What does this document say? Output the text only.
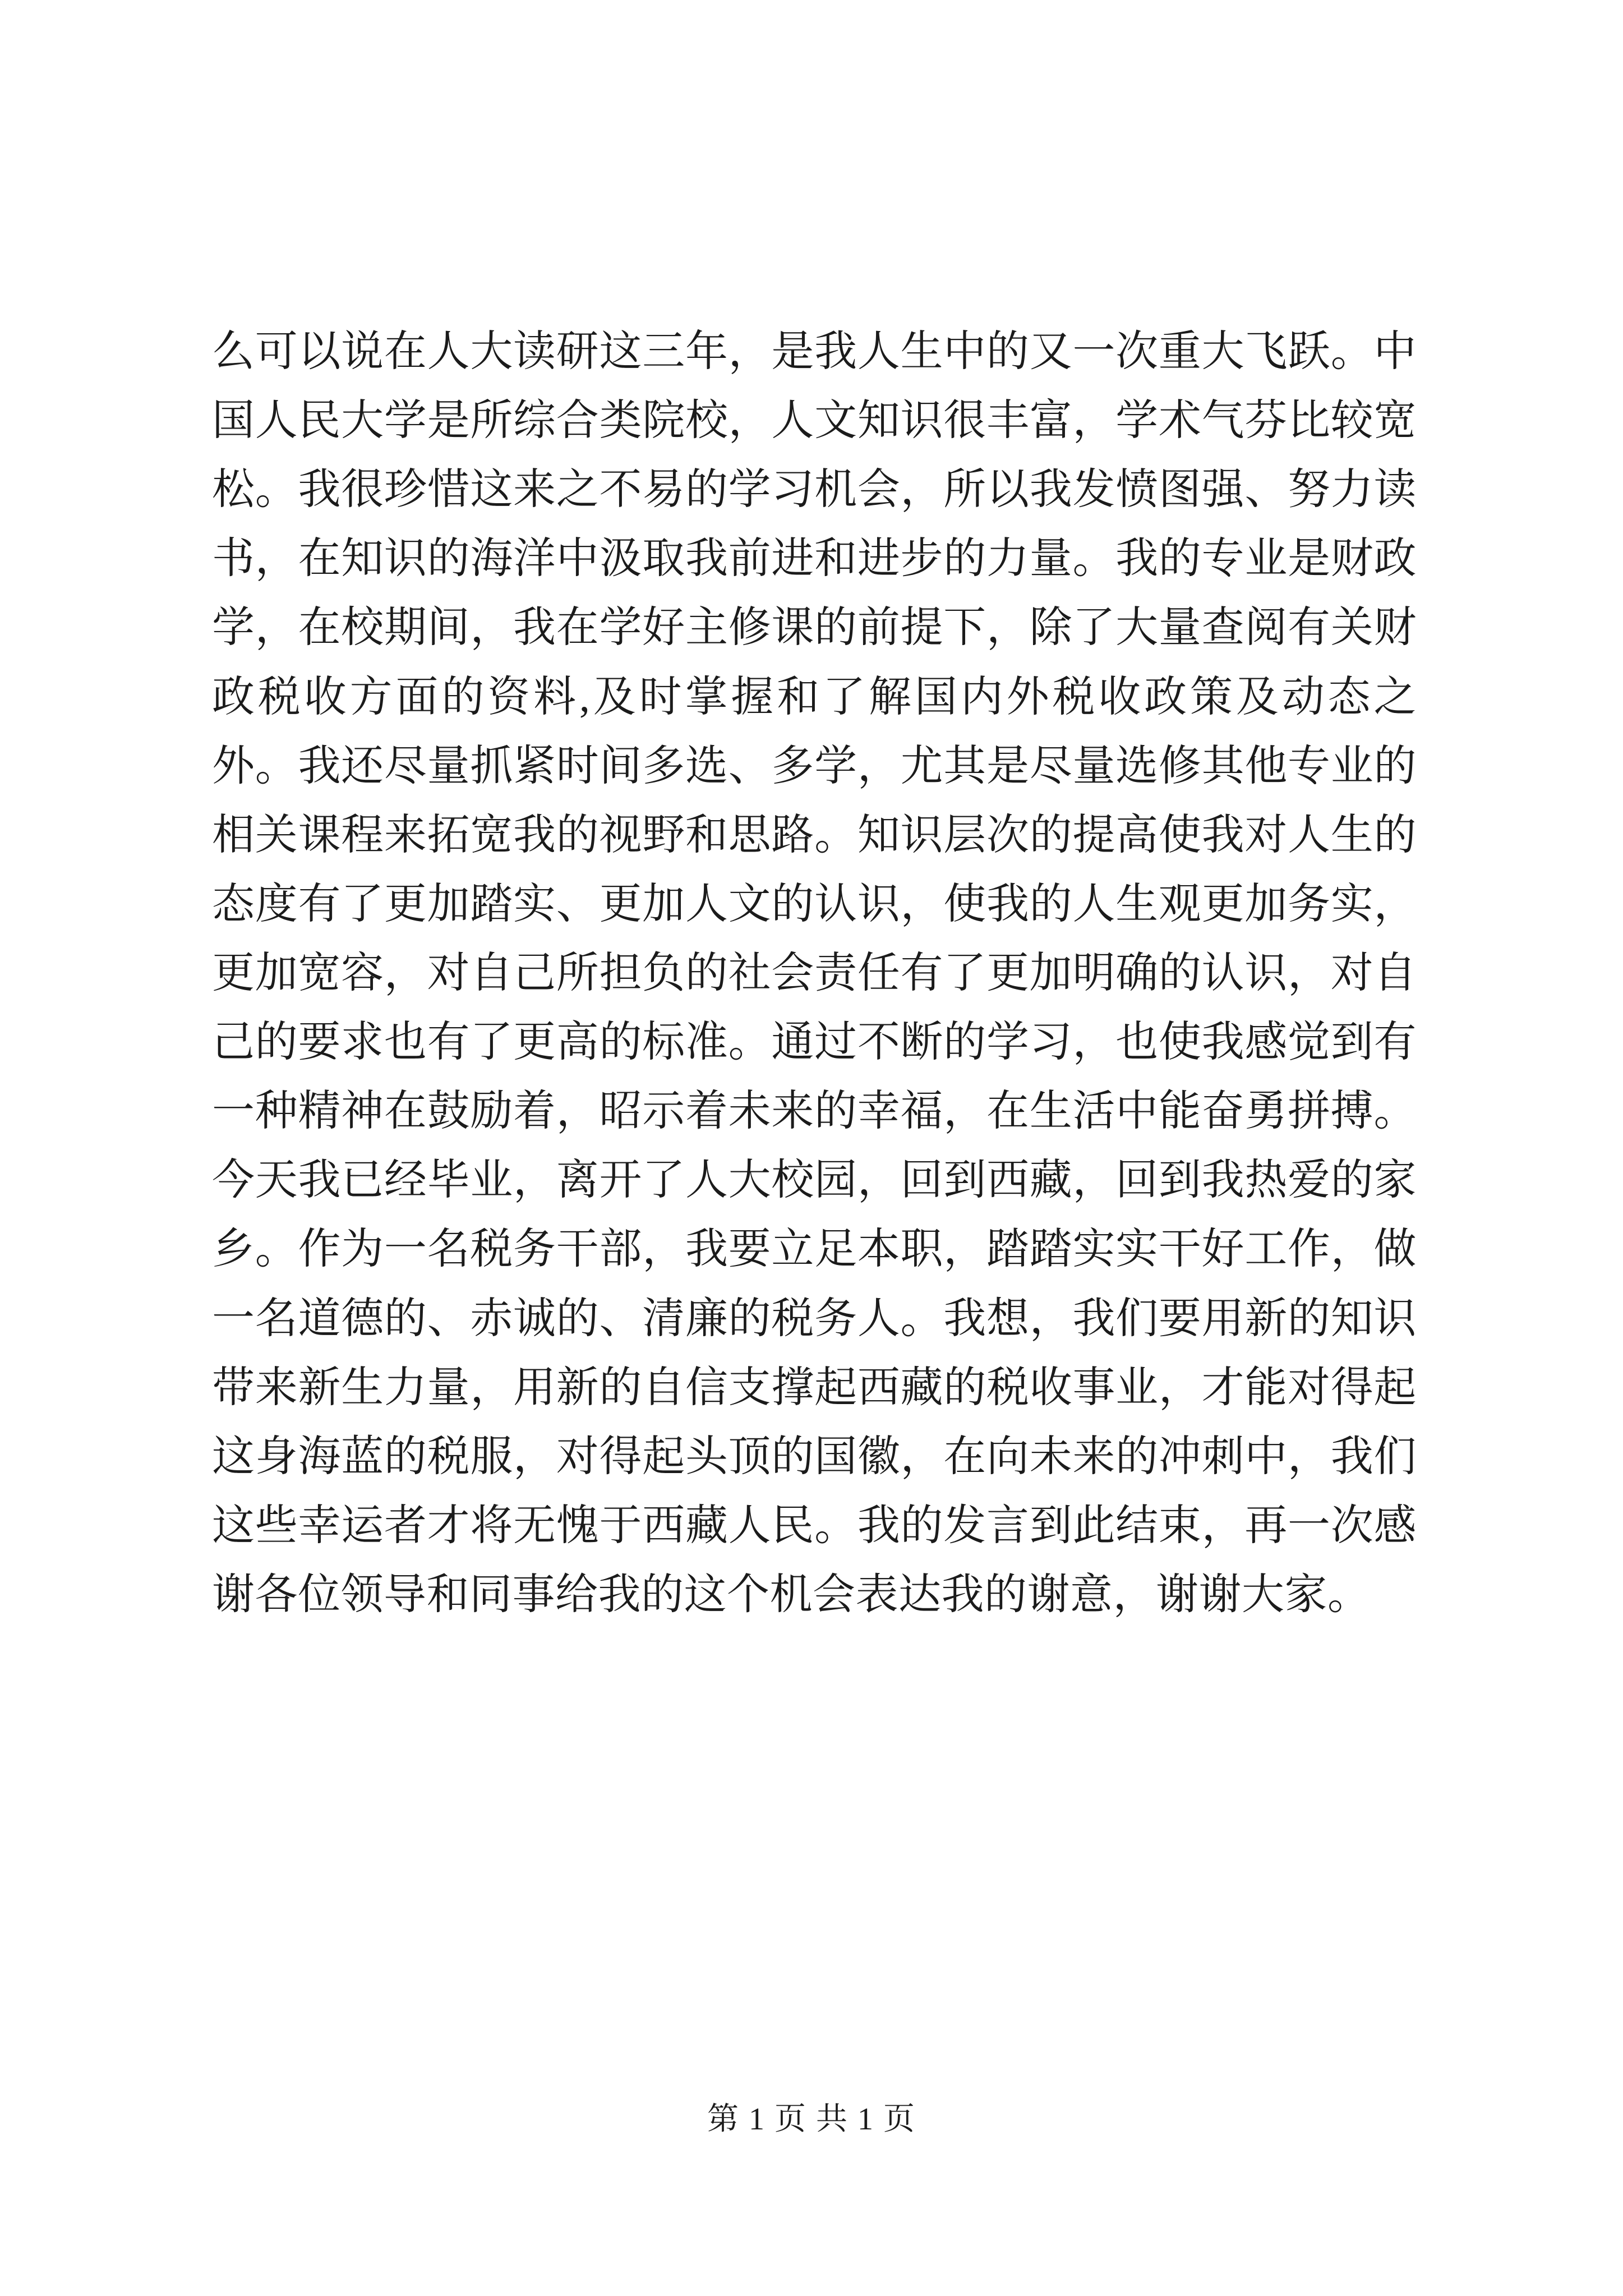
么可以说在人大读研这三年，是我人生中的又一次重大飞跃。中国人民大学是所综合类院校，人文知识很丰富，学术气芬比较宽松。我很珍惜这来之不易的学习机会，所以我发愤图强、努力读书，在知识的海洋中汲取我前进和进步的力量。我的专业是财政学，在校期间，我在学好主修课的前提下，除了大量查阅有关财政税收方面的资料,及时掌握和了解国内外税收政策及动态之外。我还尽量抓紧时间多选、多学，尤其是尽量选修其他专业的相关课程来拓宽我的视野和思路。知识层次的提高使我对人生的态度有了更加踏实、更加人文的认识，使我的人生观更加务实，更加宽容，对自己所担负的社会责任有了更加明确的认识，对自己的要求也有了更高的标准。通过不断的学习，也使我感觉到有一种精神在鼓励着，昭示着未来的幸福，在生活中能奋勇拼搏。今天我已经毕业，离开了人大校园，回到西藏，回到我热爱的家乡。作为一名税务干部，我要立足本职，踏踏实实干好工作，做一名道德的、赤诚的、清廉的税务人。我想，我们要用新的知识带来新生力量，用新的自信支撑起西藏的税收事业，才能对得起这身海蓝的税服，对得起头顶的国徽，在向未来的冲刺中，我们这些幸运者才将无愧于西藏人民。我的发言到此结束，再一次感谢各位领导和同事给我的这个机会表达我的谢意，谢谢大家。

第 1 页 共 1 页
